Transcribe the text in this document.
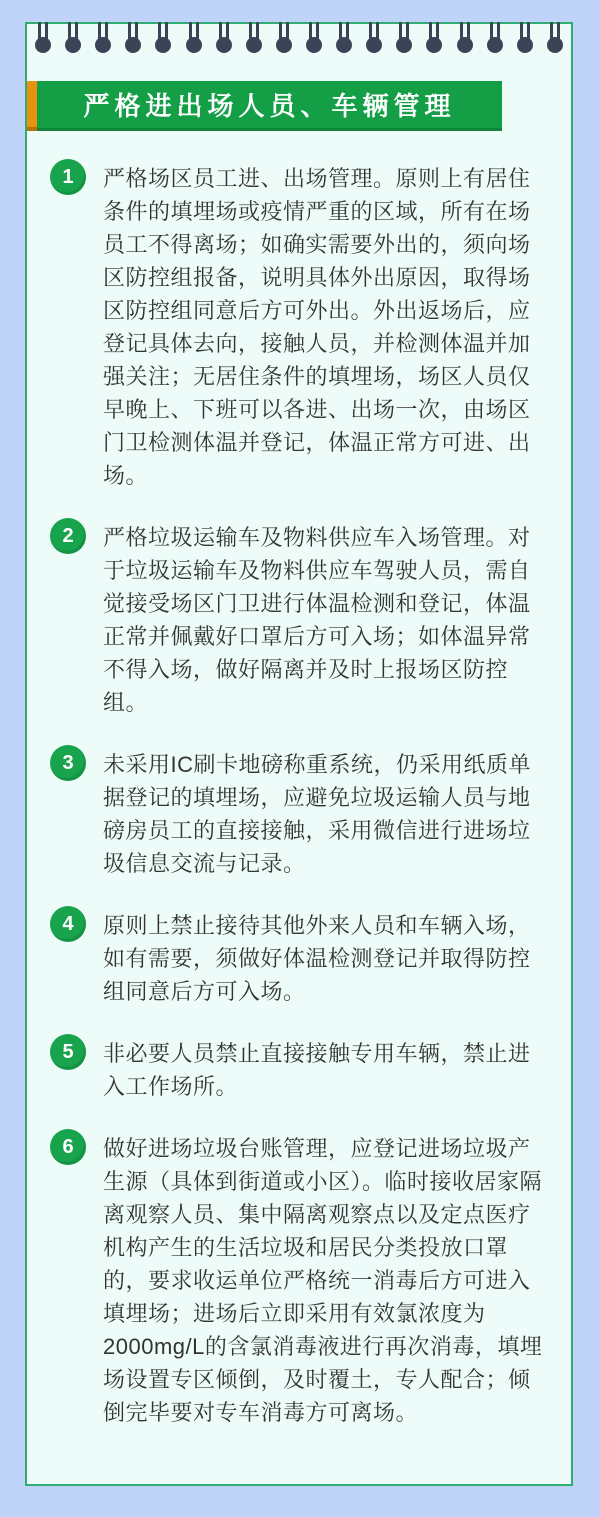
严格进出场人员、车辆管理
1	严格场区员工进、出场管理。原则上有居住条件的填埋场或疫情严重的区域，所有在场员工不得离场；如确实需要外出的，须向场区防控组报备，说明具体外出原因，取得场区防控组同意后方可外出。外出返场后，应登记具体去向，接触人员，并检测体温并加强关注；无居住条件的填埋场，场区人员仅早晚上、下班可以各进、出场一次，由场区门卫检测体温并登记，体温正常方可进、出场。

2	严格垃圾运输车及物料供应车入场管理。对于垃圾运输车及物料供应车驾驶人员，需自觉接受场区门卫进行体温检测和登记，体温正常并佩戴好口罩后方可入场；如体温异常不得入场，做好隔离并及时上报场区防控组。

3	未采用IC刷卡地磅称重系统，仍采用纸质单据登记的填埋场，应避免垃圾运输人员与地磅房员工的直接接触，采用微信进行进场垃圾信息交流与记录。

4	原则上禁止接待其他外来人员和车辆入场，如有需要，须做好体温检测登记并取得防控组同意后方可入场。

5	非必要人员禁止直接接触专用车辆，禁止进入工作场所。

6	做好进场垃圾台账管理，应登记进场垃圾产生源（具体到街道或小区）。临时接收居家隔离观察人员、集中隔离观察点以及定点医疗机构产生的生活垃圾和居民分类投放口罩的，要求收运单位严格统一消毒后方可进入填埋场；进场后立即采用有效氯浓度为2000mg/L的含氯消毒液进行再次消毒，填埋场设置专区倾倒，及时覆土，专人配合；倾倒完毕要对专车消毒方可离场。
